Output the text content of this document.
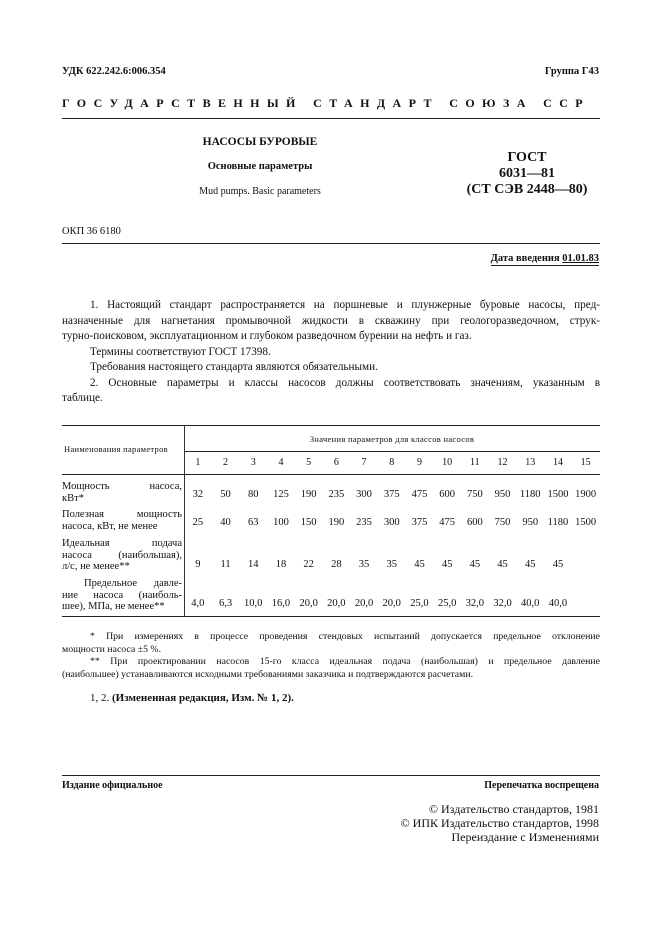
УДК 622.242.6:006.354	Группа Г43
ГОСУДАРСТВЕННЫЙ СТАНДАРТ СОЮЗА ССР
НАСОСЫ БУРОВЫЕ
Основные параметры
Mud pumps. Basic parameters
ГОСТ
6031—81
(СТ СЭВ 2448—80)
ОКП 36 6180
Дата введения 01.01.83
1. Настоящий стандарт распространяется на поршневые и плунжерные буровые насосы, пред-
назначенные для нагнетания промывочной жидкости в скважину при геологоразведочном, струк-
турно-поисковом, эксплуатационном и глубоком разведочном бурении на нефть и газ.
Термины соответствуют ГОСТ 17398.
Требования настоящего стандарта являются обязательными.
2. Основные параметры и классы насосов должны соответствовать значениям, указанным в
таблице.
Наименования параметров
Значения параметров для классов насосов
1	2	3	4	5	6	7	8	9	10	11	12	13	14	15
Мощность насоса,
кВт*
Полезная мощность
насоса, кВт, не менее
Идеальная подача
насоса (наибольшая),
л/с, не менее**
Предельное давле-
ние насоса (наиболь-
шее), МПа, не менее**
32	50	80	125	190	235	300	375	475	600	750	950 1180 1500 1900
25	40	63	100	150	190	235	300	375	475	600	750	950 1180 1500
9	11	14	18	22	28	35	35	45	45	45	45	45	45
4,0	6,3	10,0 16,0 20,0 20,0 20,0 20,0 25,0 25,0 32,0 32,0 40,0 40,0
* При измерениях в процессе проведения стендовых испытаний допускается предельное отклонение
мощности насоса ±5 %.
** При проектировании насосов 15-го класса идеальная подача (наибольшая) и предельное давление
(наибольшее) устанавливаются исходными требованиями заказчика и подтверждаются расчетами.
1, 2. (Измененная редакция, Изм. № 1, 2).
Издание официальное	Перепечатка воспрещена
© Издательство стандартов, 1981
© ИПК Издательство стандартов, 1998
Переиздание с Изменениями
